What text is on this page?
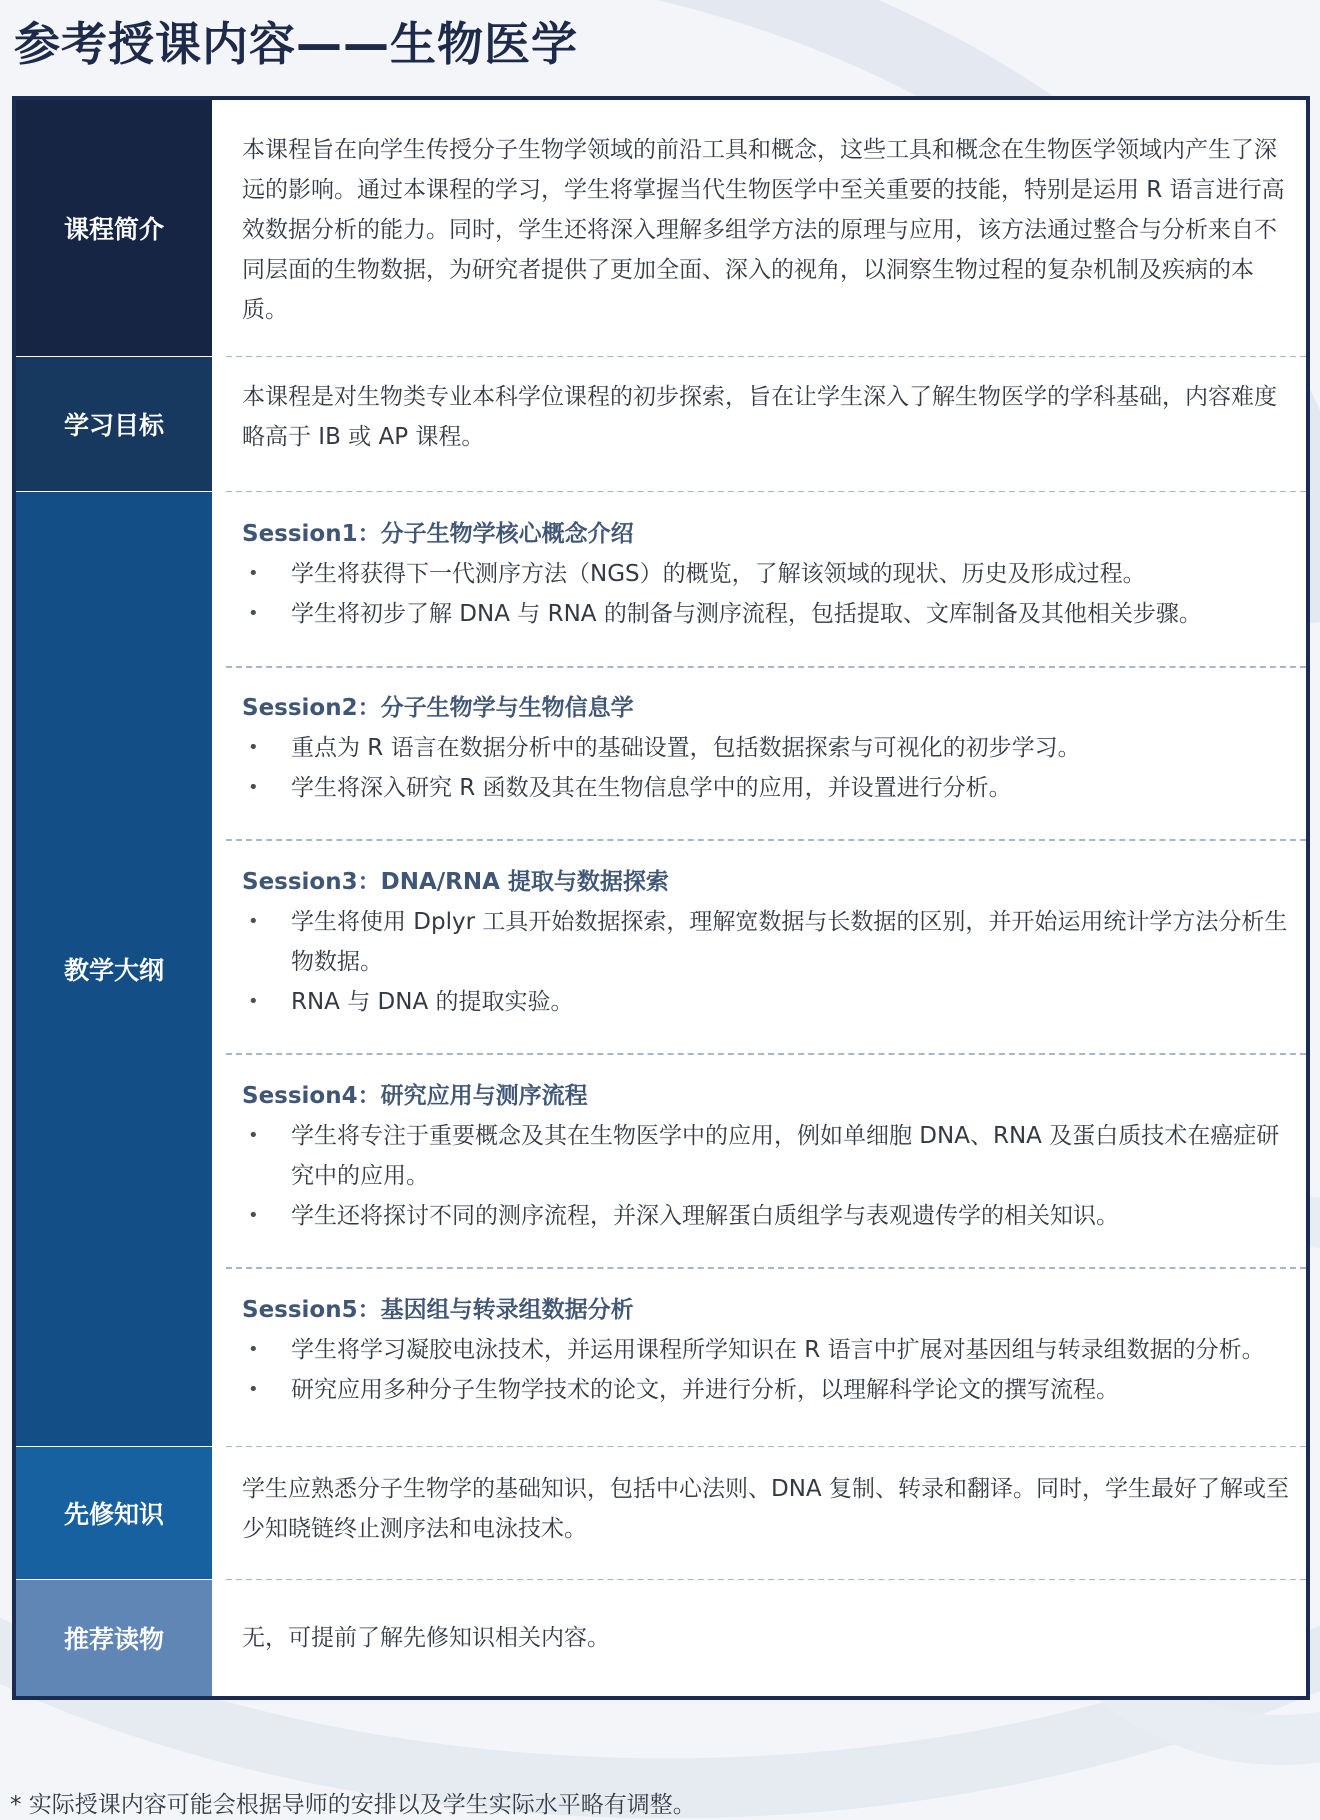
参考授课内容——生物医学
课程简介
本课程旨在向学生传授分子生物学领域的前沿工具和概念，这些工具和概念在生物医学领域内产生了深远的影响。通过本课程的学习，学生将掌握当代生物医学中至关重要的技能，特别是运用 R 语言进行高效数据分析的能力。同时，学生还将深入理解多组学方法的原理与应用，该方法通过整合与分析来自不同层面的生物数据，为研究者提供了更加全面、深入的视角，以洞察生物过程的复杂机制及疾病的本质。
学习目标
本课程是对生物类专业本科学位课程的初步探索，旨在让学生深入了解生物医学的学科基础，内容难度略高于 IB 或 AP 课程。
教学大纲
Session1：分子生物学核心概念介绍
• 学生将获得下一代测序方法（NGS）的概览，了解该领域的现状、历史及形成过程。
• 学生将初步了解 DNA 与 RNA 的制备与测序流程，包括提取、文库制备及其他相关步骤。
Session2：分子生物学与生物信息学
• 重点为 R 语言在数据分析中的基础设置，包括数据探索与可视化的初步学习。
• 学生将深入研究 R 函数及其在生物信息学中的应用，并设置进行分析。
Session3：DNA/RNA 提取与数据探索
• 学生将使用 Dplyr 工具开始数据探索，理解宽数据与长数据的区别，并开始运用统计学方法分析生物数据。
• RNA 与 DNA 的提取实验。
Session4：研究应用与测序流程
• 学生将专注于重要概念及其在生物医学中的应用，例如单细胞 DNA、RNA 及蛋白质技术在癌症研究中的应用。
• 学生还将探讨不同的测序流程，并深入理解蛋白质组学与表观遗传学的相关知识。
Session5：基因组与转录组数据分析
• 学生将学习凝胶电泳技术，并运用课程所学知识在 R 语言中扩展对基因组与转录组数据的分析。
• 研究应用多种分子生物学技术的论文，并进行分析，以理解科学论文的撰写流程。
先修知识
学生应熟悉分子生物学的基础知识，包括中心法则、DNA 复制、转录和翻译。同时，学生最好了解或至少知晓链终止测序法和电泳技术。
推荐读物	无，可提前了解先修知识相关内容。
* 实际授课内容可能会根据导师的安排以及学生实际水平略有调整。
